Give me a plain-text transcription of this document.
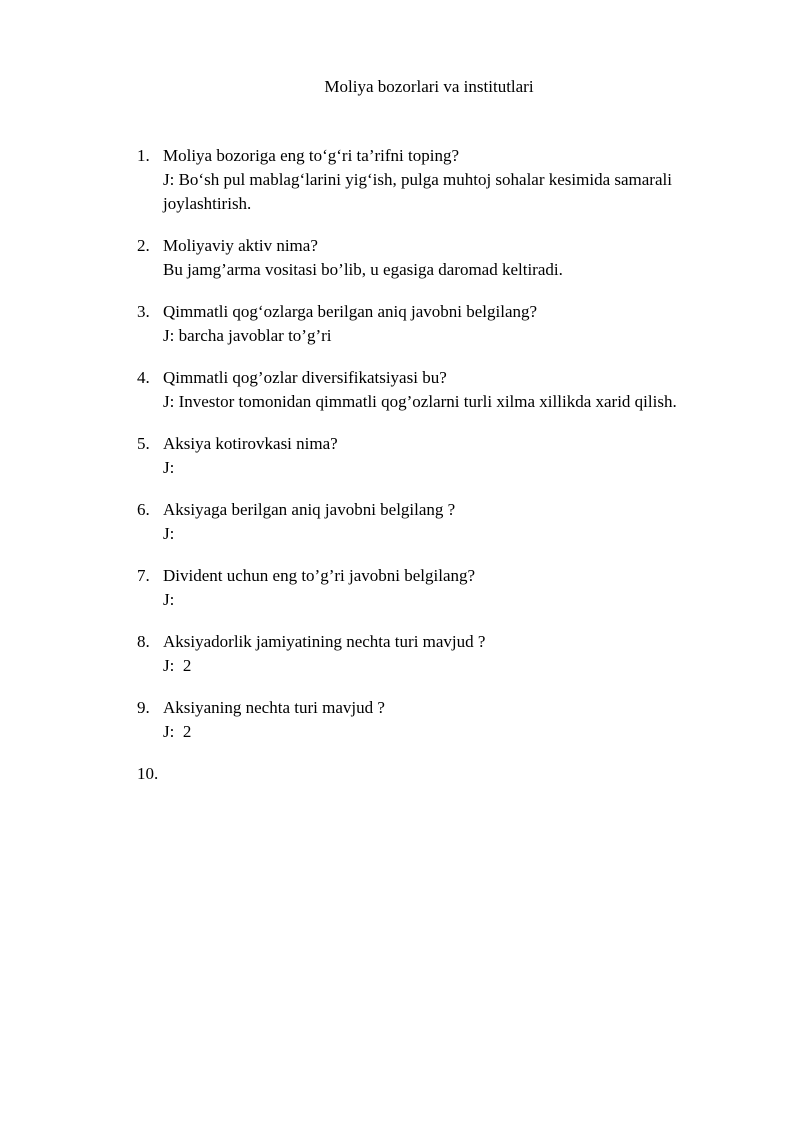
Moliya bozorlari va institutlari
1. Moliya bozoriga eng to‘g‘ri ta’rifni toping?
J: Bo‘sh pul mablag‘larini yig‘ish, pulga muhtoj sohalar kesimida samarali joylashtirish.
2. Moliyaviy aktiv nima?
Bu jamg’arma vositasi bo’lib, u egasiga daromad keltiradi.
3. Qimmatli qog‘ozlarga berilgan aniq javobni belgilang?
J: barcha javoblar to’g’ri
4. Qimmatli qog’ozlar diversifikatsiyasi bu?
J: Investor tomonidan qimmatli qog’ozlarni turli xilma xillikda xarid qilish.
5. Aksiya kotirovkasi nima?
J:
6. Aksiyaga berilgan aniq javobni belgilang ?
J:
7. Divident uchun eng to’g’ri javobni belgilang?
J:
8. Aksiyadorlik jamiyatining nechta turi mavjud ?
J:  2
9. Aksiyaning nechta turi mavjud ?
J:  2
10.
